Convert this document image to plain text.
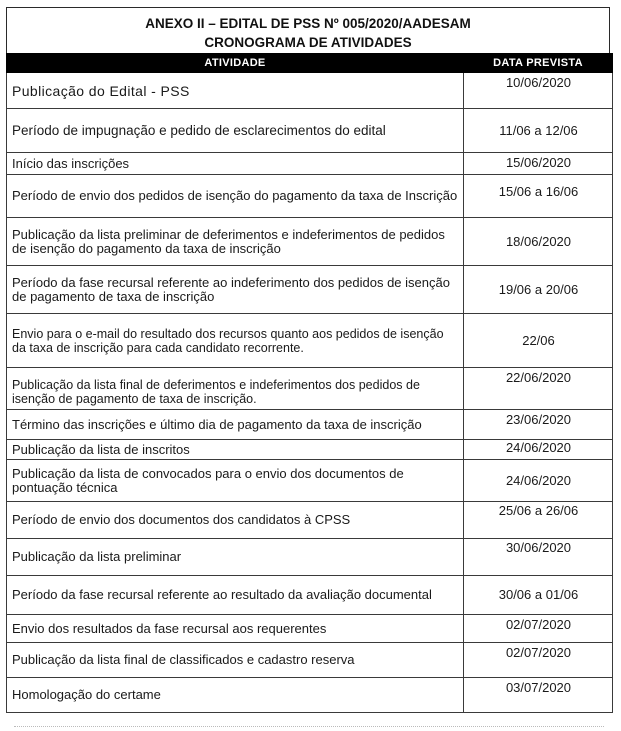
ANEXO II – EDITAL DE PSS Nº 005/2020/AADESAM
CRONOGRAMA DE ATIVIDADES
ATIVIDADE	DATA PREVISTA
Publicação do Edital - PSS	10/06/2020
Período de impugnação e pedido de esclarecimentos do edital	11/06 a 12/06
Início das inscrições	15/06/2020
Período de envio dos pedidos de isenção do pagamento da taxa de Inscrição	15/06 a 16/06
Publicação da lista preliminar de deferimentos e indeferimentos de pedidos de isenção do pagamento da taxa de inscrição	18/06/2020
Período da fase recursal referente ao indeferimento dos pedidos de isenção de pagamento de taxa de inscrição	19/06 a 20/06
Envio para o e-mail do resultado dos recursos quanto aos pedidos de isenção da taxa de inscrição para cada candidato recorrente.	22/06
Publicação da lista final de deferimentos e indeferimentos dos pedidos de isenção de pagamento de taxa de inscrição.	22/06/2020
Término das inscrições e último dia de pagamento da taxa de inscrição	23/06/2020
Publicação da lista de inscritos	24/06/2020
Publicação da lista de convocados para o envio dos documentos de pontuação técnica	24/06/2020
Período de envio dos documentos dos candidatos à CPSS	25/06 a 26/06
Publicação da lista preliminar	30/06/2020
Período da fase recursal referente ao resultado da avaliação documental	30/06 a 01/06
Envio dos resultados da fase recursal aos requerentes	02/07/2020
Publicação da lista final de classificados e cadastro reserva	02/07/2020
Homologação do certame	03/07/2020
